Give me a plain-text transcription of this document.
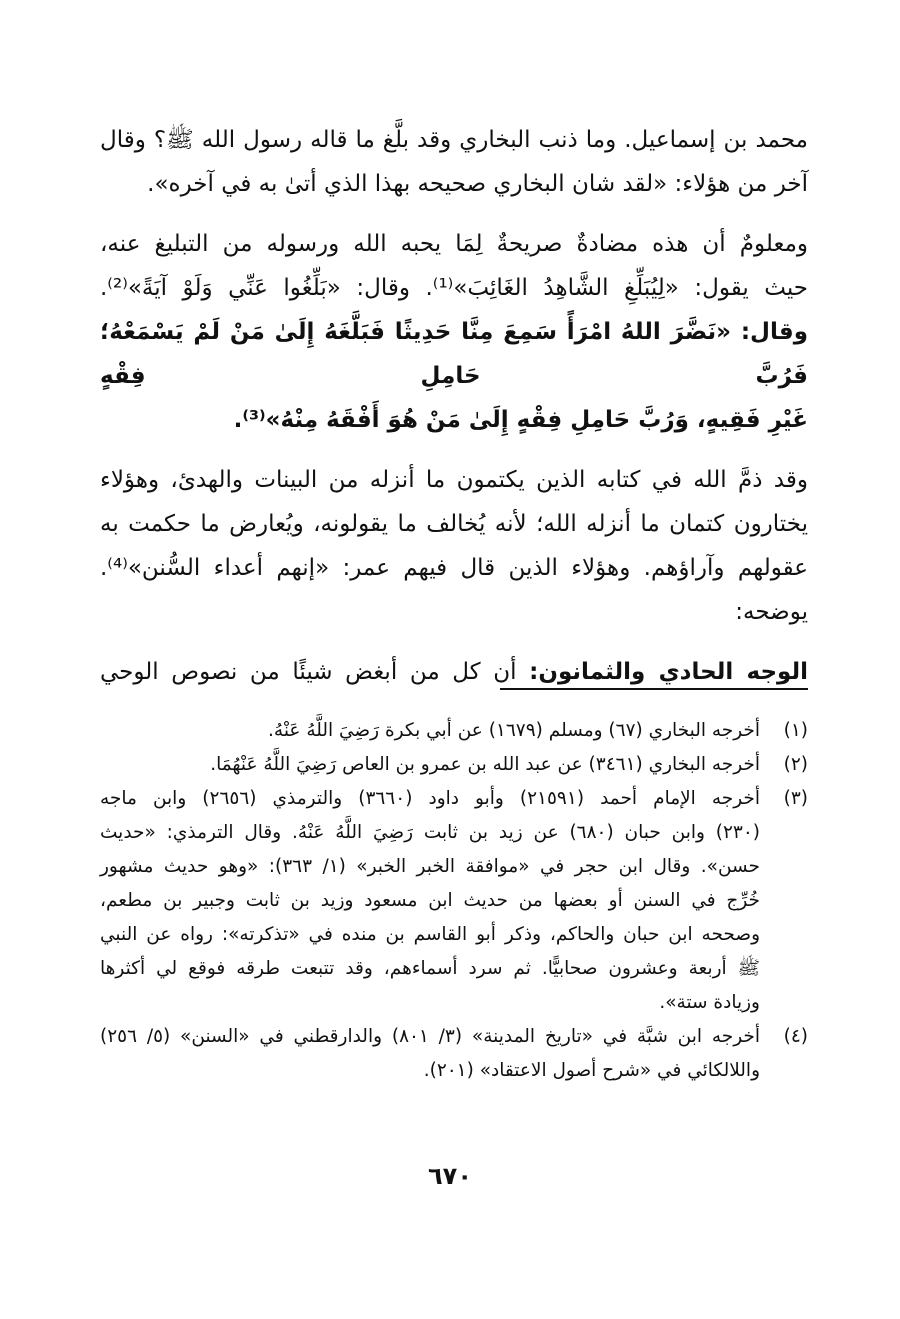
محمد بن إسماعيل. وما ذنب البخاري وقد بلَّغ ما قاله رسول الله ﷺ؟ وقال
آخر من هؤلاء: «لقد شان البخاري صحيحه بهذا الذي أتىٰ به في آخره».

ومعلومٌ أن هذه مضادةٌ صريحةٌ لِمَا يحبه الله ورسوله من التبليغ عنه،
حيث يقول: «لِيُبَلِّغِ الشَّاهِدُ الغَائِبَ»⁽¹⁾. وقال: «بَلِّغُوا عَنِّي وَلَوْ آيَةً»⁽²⁾.
وقال: «نَضَّرَ اللهُ امْرَأً سَمِعَ مِنَّا حَدِيثًا فَبَلَّغَهُ إِلَىٰ مَنْ لَمْ يَسْمَعْهُ؛ فَرُبَّ حَامِلِ فِقْهٍ
غَيْرِ فَقِيهٍ، وَرُبَّ حَامِلِ فِقْهٍ إِلَىٰ مَنْ هُوَ أَفْقَهُ مِنْهُ»⁽³⁾.

وقد ذمَّ الله في كتابه الذين يكتمون ما أنزله من البينات والهدئ، وهؤلاء
يختارون كتمان ما أنزله الله؛ لأنه يُخالف ما يقولونه، ويُعارض ما حكمت به
عقولهم وآراؤهم. وهؤلاء الذين قال فيهم عمر: «إنهم أعداء السُّنن»⁽⁴⁾.
يوضحه:

الوجه الحادي والثمانون: أن كل من أبغض شيئًا من نصوص الوحي

(١)
أخرجه البخاري (٦٧) ومسلم (١٦٧٩) عن أبي بكرة رَضِيَ اللَّهُ عَنْهُ.
(٢)
أخرجه البخاري (٣٤٦١) عن عبد الله بن عمرو بن العاص رَضِيَ اللَّهُ عَنْهُمَا.
(٣)
أخرجه الإمام أحمد (٢١٥٩١) وأبو داود (٣٦٦٠) والترمذي (٢٦٥٦) وابن ماجه
(٢٣٠) وابن حبان (٦٨٠) عن زيد بن ثابت رَضِيَ اللَّهُ عَنْهُ. وقال الترمذي: «حديث
حسن». وقال ابن حجر في «موافقة الخبر الخبر» (١/ ٣٦٣): «وهو حديث مشهور
خُرِّج في السنن أو بعضها من حديث ابن مسعود وزيد بن ثابت وجبير بن مطعم،
وصححه ابن حبان والحاكم، وذكر أبو القاسم بن منده في «تذكرته»: رواه عن النبي
ﷺ أربعة وعشرون صحابيًّا. ثم سرد أسماءهم، وقد تتبعت طرقه فوقع لي أكثرها
وزيادة ستة».
(٤)
أخرجه ابن شبَّة في «تاريخ المدينة» (٣/ ٨٠١) والدارقطني في «السنن» (٥/ ٢٥٦)
واللالكائي في «شرح أصول الاعتقاد» (٢٠١).
٦٧٠
